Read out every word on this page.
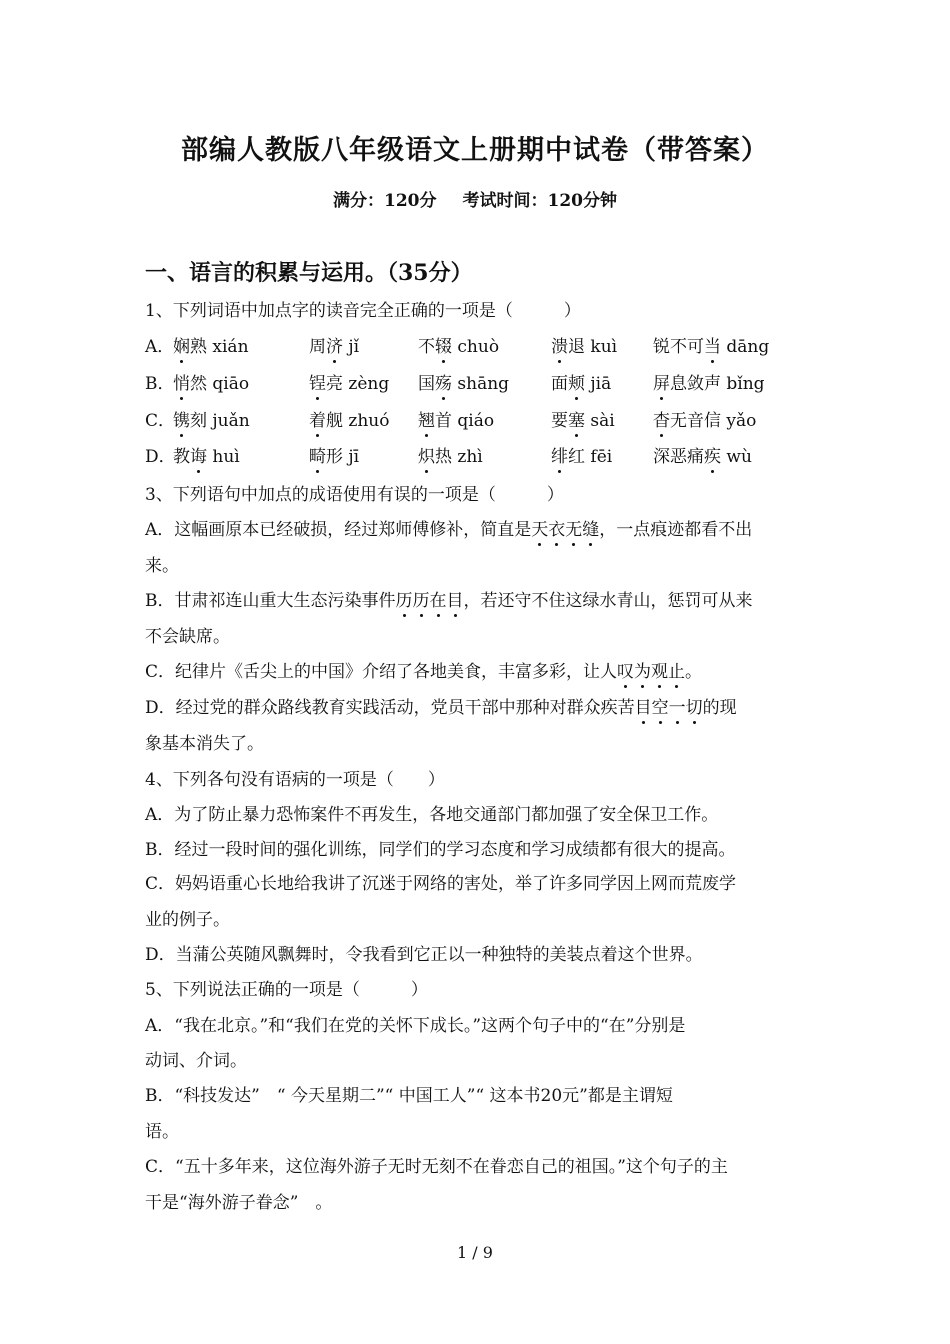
部编人教版八年级语文上册期中试卷（带答案）
满分：120分 考试时间：120分钟
一、语言的积累与运用。（35分）
1、下列词语中加点字的读音完全正确的一项是（　　　）
A．
娴熟 xián	周济 jǐ	不辍 chuò	溃退 kuì 锐不可当 dāng
B．
悄然 qiāo	锃亮 zèng 国殇 shāng 面颊 jiā 屏息敛声 bǐng
C．
镌刻 juǎn	着舰 zhuó 翘首 qiáo	要塞 sài 杳无音信 yǎo
D．
教诲 huì	畸形 jī	炽热 zhì	绯红 fēi 深恶痛疾 wù
3、下列语句中加点的成语使用有误的一项是（　　　）
A．这幅画原本已经破损，经过郑师傅修补，简直是天衣无缝，一点痕迹都看不出
来。
B．甘肃祁连山重大生态污染事件历历在目，若还守不住这绿水青山，惩罚可从来
不会缺席。
C．纪律片《舌尖上的中国》介绍了各地美食，丰富多彩，让人叹为观止。
D．经过党的群众路线教育实践活动，党员干部中那种对群众疾苦目空一切的现
象基本消失了。
4、下列各句没有语病的一项是（　　）
A．为了防止暴力恐怖案件不再发生，各地交通部门都加强了安全保卫工作。
B．经过一段时间的强化训练，同学们的学习态度和学习成绩都有很大的提高。
C．妈妈语重心长地给我讲了沉迷于网络的害处，举了许多同学因上网而荒废学
业的例子。
D．当蒲公英随风飘舞时，令我看到它正以一种独特的美装点着这个世界。
5、下列说法正确的一项是（　　　）
A．“我在北京。”和“我们在党的关怀下成长。”这两个句子中的“在”分别是
动词、介词。
B．“科技发达”　“ 今天星期二”“ 中国工人”“ 这本书20元”都是主谓短
语。
C．“五十多年来，这位海外游子无时无刻不在眷恋自己的祖国。”这个句子的主
干是“海外游子眷念”　。
1 / 9
